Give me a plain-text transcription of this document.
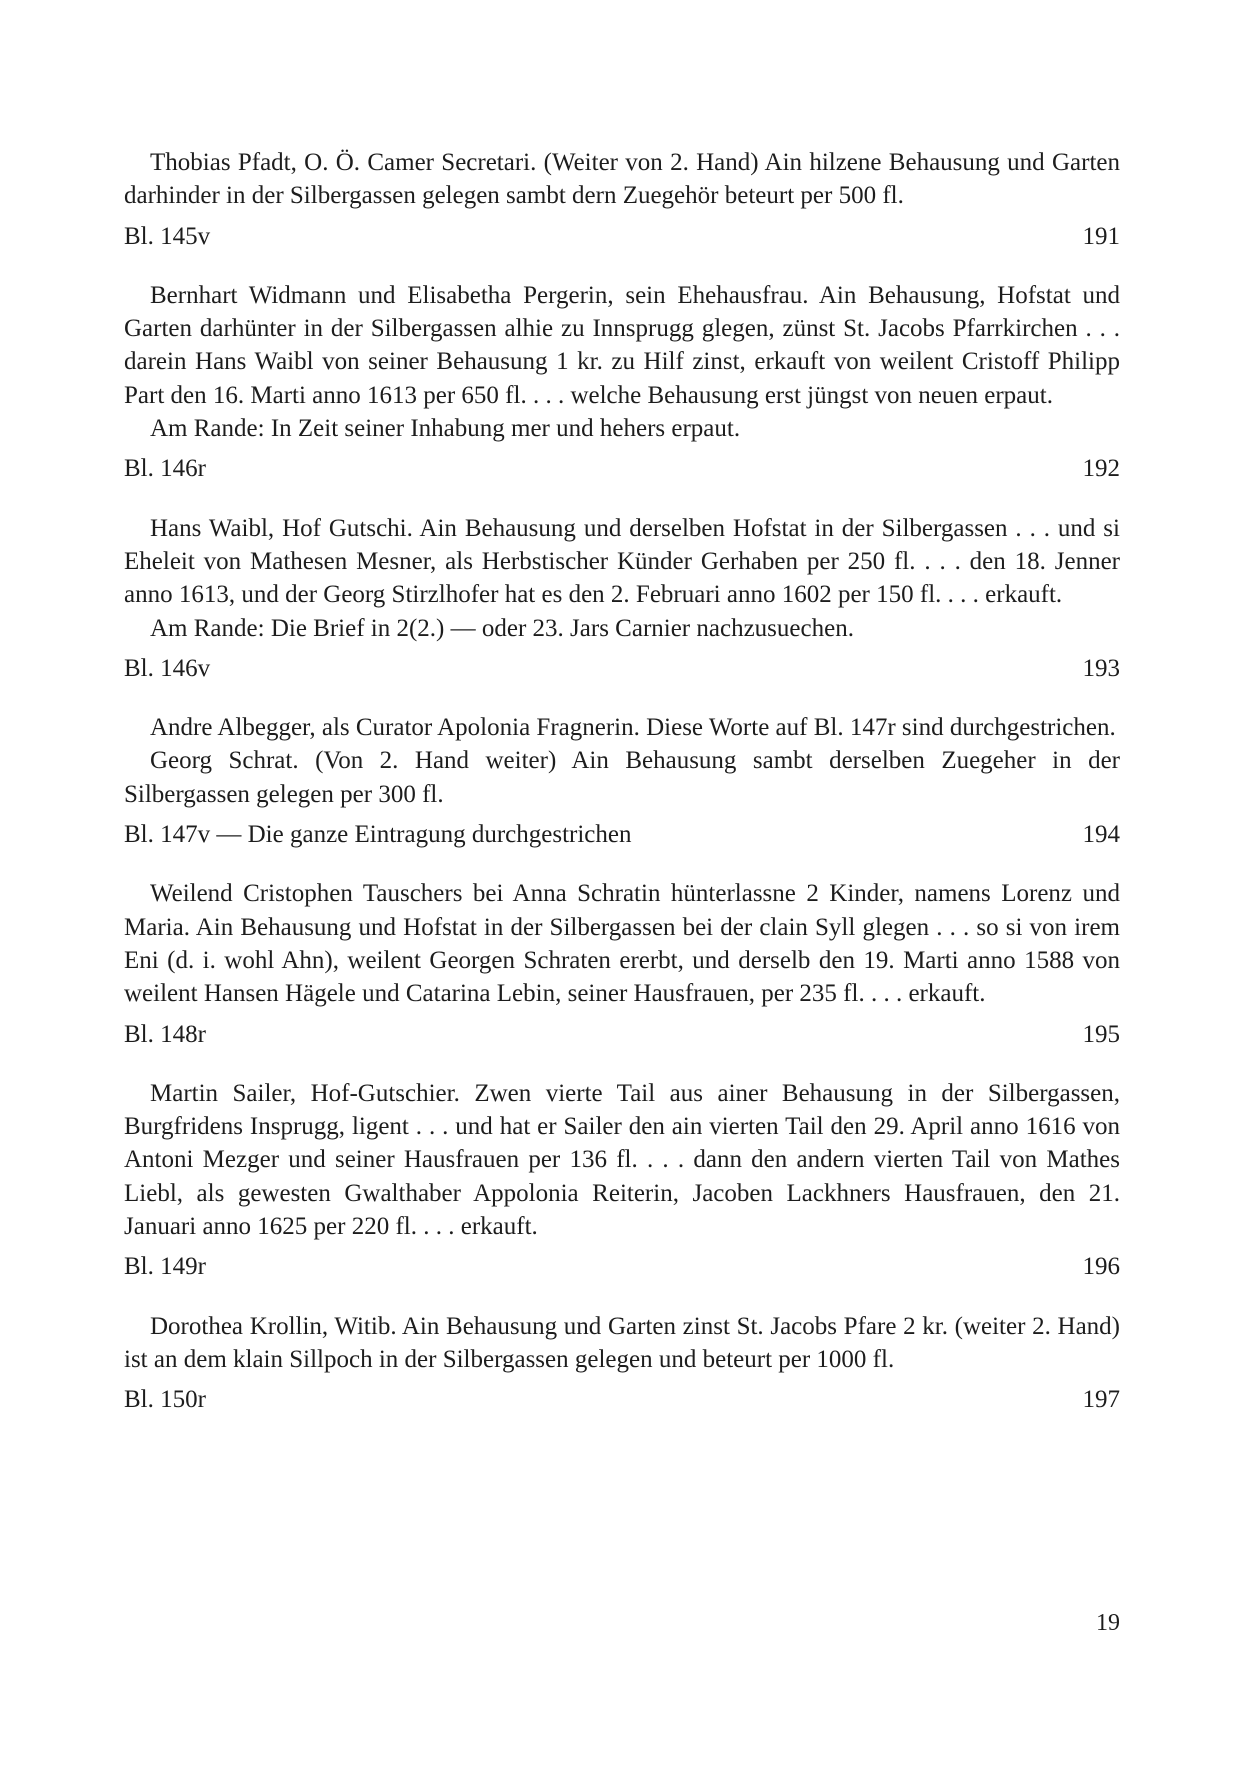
Thobias Pfadt, O. Ö. Camer Secretari. (Weiter von 2. Hand) Ain hilzene Behausung und Garten darhinder in der Silbergassen gelegen sambt dern Zuegehör beteurt per 500 fl.

Bl. 145v	191

Bernhart Widmann und Elisabetha Pergerin, sein Ehehausfrau. Ain Behausung, Hofstat und Garten darhünter in der Silbergassen alhie zu Innsprugg glegen, zünst St. Jacobs Pfarrkirchen . . . darein Hans Waibl von seiner Behausung 1 kr. zu Hilf zinst, erkauft von weilent Cristoff Philipp Part den 16. Marti anno 1613 per 650 fl. . . . welche Behausung erst jüngst von neuen erpaut.

Am Rande: In Zeit seiner Inhabung mer und hehers erpaut.

Bl. 146r	192

Hans Waibl, Hof Gutschi. Ain Behausung und derselben Hofstat in der Silbergassen . . . und si Eheleit von Mathesen Mesner, als Herbstischer Künder Gerhaben per 250 fl. . . . den 18. Jenner anno 1613, und der Georg Stirzlhofer hat es den 2. Februari anno 1602 per 150 fl. . . . erkauft.

Am Rande: Die Brief in 2(2.) — oder 23. Jars Carnier nachzusuechen.

Bl. 146v	193

Andre Albegger, als Curator Apolonia Fragnerin. Diese Worte auf Bl. 147r sind durchgestrichen.

Georg Schrat. (Von 2. Hand weiter) Ain Behausung sambt derselben Zuegeher in der Silbergassen gelegen per 300 fl.

Bl. 147v — Die ganze Eintragung durchgestrichen	194

Weilend Cristophen Tauschers bei Anna Schratin hünterlassne 2 Kinder, namens Lorenz und Maria. Ain Behausung und Hofstat in der Silbergassen bei der clain Syll glegen . . . so si von irem Eni (d. i. wohl Ahn), weilent Georgen Schraten ererbt, und derselb den 19. Marti anno 1588 von weilent Hansen Hägele und Catarina Lebin, seiner Hausfrauen, per 235 fl. . . . erkauft.

Bl. 148r	195

Martin Sailer, Hof-Gutschier. Zwen vierte Tail aus ainer Behausung in der Silbergassen, Burgfridens Insprugg, ligent . . . und hat er Sailer den ain vierten Tail den 29. April anno 1616 von Antoni Mezger und seiner Hausfrauen per 136 fl. . . . dann den andern vierten Tail von Mathes Liebl, als gewesten Gwalthaber Appolonia Reiterin, Jacoben Lackhners Hausfrauen, den 21. Januari anno 1625 per 220 fl. . . . erkauft.

Bl. 149r	196

Dorothea Krollin, Witib. Ain Behausung und Garten zinst St. Jacobs Pfare 2 kr. (weiter 2. Hand) ist an dem klain Sillpoch in der Silbergassen gelegen und beteurt per 1000 fl.

Bl. 150r	197
19
